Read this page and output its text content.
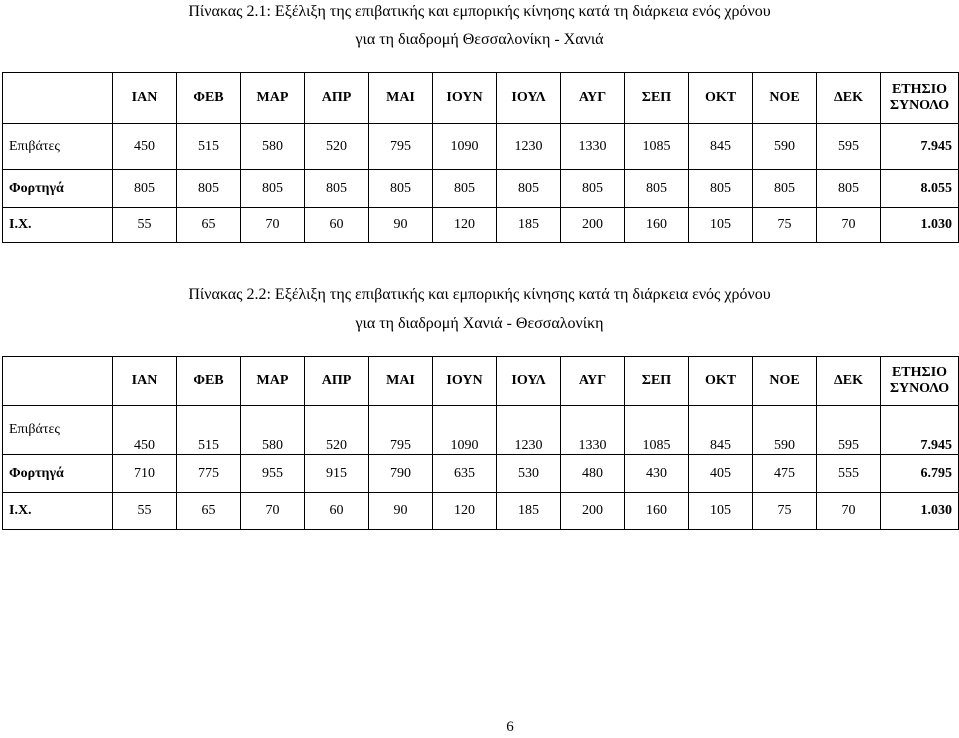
Πίνακας 2.1: Εξέλιξη της επιβατικής και εμπορικής κίνησης κατά τη διάρκεια ενός χρόνου
για τη διαδρομή Θεσσαλονίκη - Χανιά
	ΙΑΝ	ΦΕΒ	ΜΑΡ	ΑΠΡ	ΜΑΙ	ΙΟΥΝ	ΙΟΥΛ	ΑΥΓ	ΣΕΠ	ΟΚΤ	ΝΟΕ	ΔΕΚ	ΕΤΗΣΙΟ
ΣΥΝΟΛΟ

Επιβάτες	450	515	580	520	795	1090	1230	1330	1085	845	590	595	7.945
Φορτηγά	805	805	805	805	805	805	805	805	805	805	805	805	8.055
Ι.Χ.	55	65	70	60	90	120	185	200	160	105	75	70	1.030
Πίνακας 2.2: Εξέλιξη της επιβατικής και εμπορικής κίνησης κατά τη διάρκεια ενός χρόνου
για τη διαδρομή Χανιά - Θεσσαλονίκη
	ΙΑΝ	ΦΕΒ	ΜΑΡ	ΑΠΡ	ΜΑΙ	ΙΟΥΝ	ΙΟΥΛ	ΑΥΓ	ΣΕΠ	ΟΚΤ	ΝΟΕ	ΔΕΚ	ΕΤΗΣΙΟ
ΣΥΝΟΛΟ

Επιβάτες	450	515	580	520	795	1090	1230	1330	1085	845	590	595	7.945
Φορτηγά	710	775	955	915	790	635	530	480	430	405	475	555	6.795
Ι.Χ.	55	65	70	60	90	120	185	200	160	105	75	70	1.030
6
